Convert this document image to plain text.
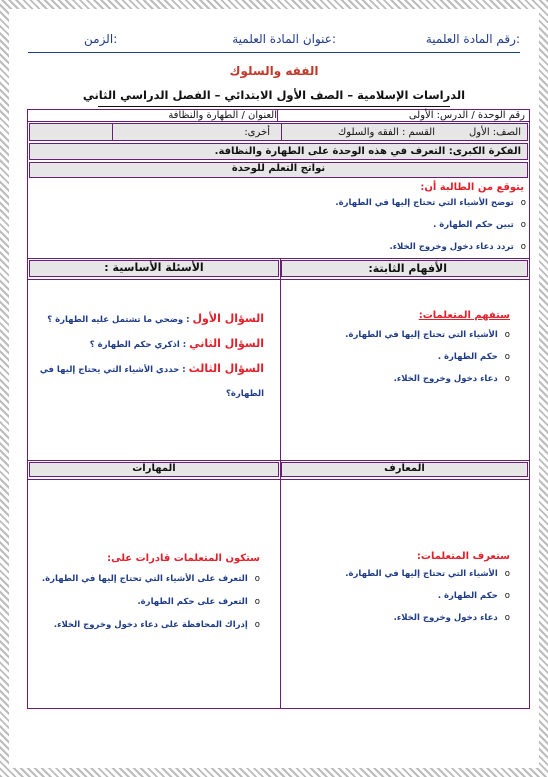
رقم المادة العلمية:
عنوان المادة العلمية:
الزمن:
الفقه والسلوك
الدراسات الإسلامية – الصف الأول الابتدائي – الفصل الدراسي الثاني
رقم الوحدة / الدرس: الأولى
العنوان / الطهارة والنظافة
الصف: الأول
القسم : الفقه والسلوك
أخرى:
الفكرة الكبرى: التعرف في هذه الوحدة على الطهارة والنظافة.
نواتج التعلم للوحدة
يتوقع من الطالبة أن:
o توضح الأشياء التي تحتاج إليها في الطهارة.
o تبين حكم الطهارة .
o تردد دعاء دخول وخروج الخلاء.
الأسئلة الأساسية :	الأفهام الثابتة:
ستفهم المتعلمات:
o الأشياء التي تحتاج إليها في الطهارة.
o حكم الطهارة .
o دعاء دخول وخروج الخلاء.
السؤال الأول : وضحي ما تشتمل عليه الطهارة ؟
السؤال الثاني : اذكري حكم الطهارة ؟
السؤال الثالث : حددي الأشياء التي يحتاج إليها في
الطهارة؟
المهارات	المعارف
ستعرف المتعلمات:
o الأشياء التي تحتاج إليها في الطهارة.
o حكم الطهارة .
o دعاء دخول وخروج الخلاء.
ستكون المتعلمات قادرات على:
o التعرف على الأشياء التي تحتاج إليها في الطهارة.
o التعرف على حكم الطهارة.
o إدراك المحافظة على دعاء دخول وخروج الخلاء.
